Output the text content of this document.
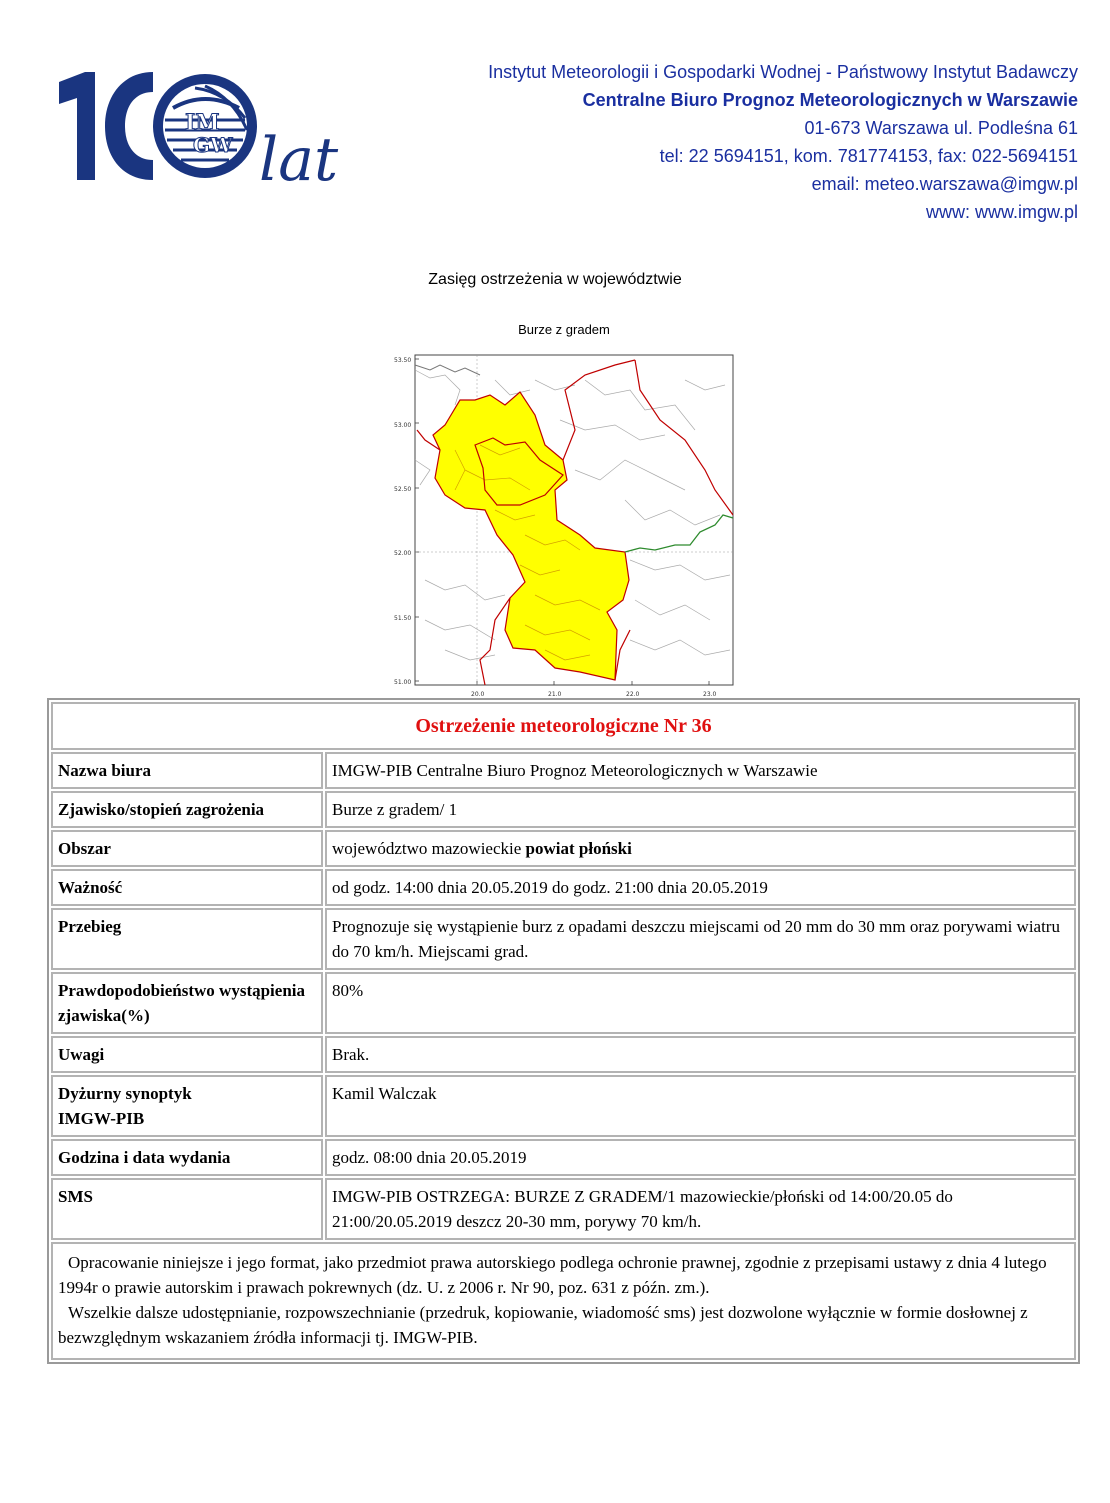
IM
GW lat
Instytut Meteorologii i Gospodarki Wodnej - Państwowy Instytut Badawczy
Centralne Biuro Prognoz Meteorologicznych w Warszawie
01-673 Warszawa ul. Podleśna 61
tel: 22 5694151, kom. 781774153, fax: 022-5694151
email: meteo.warszawa@imgw.pl
www: www.imgw.pl
Zasięg ostrzeżenia w województwie
Burze z gradem
53.50
53.00
52.50
52.00
51.50
51.00
20.0	21.0	22.0	23.0
Ostrzeżenie meteorologiczne Nr 36	
Nazwa biura	IMGW-PIB Centralne Biuro Prognoz Meteorologicznych w Warszawie
Zjawisko/stopień zagrożenia	Burze z gradem/ 1
Obszar	województwo mazowieckie powiat płoński
Ważność	od godz. 14:00 dnia 20.05.2019 do godz. 21:00 dnia 20.05.2019
Przebieg	Prognozuje się wystąpienie burz z opadami deszczu miejscami od 20 mm do 30 mm oraz porywami wiatru do 70 km/h. Miejscami grad.
Prawdopodobieństwo wystąpienia zjawiska(%)	80%
Uwagi	Brak.
Dyżurny synoptyk
IMGW-PIB	Kamil Walczak
Godzina i data wydania	godz. 08:00 dnia 20.05.2019
SMS	IMGW-PIB OSTRZEGA: BURZE Z GRADEM/1 mazowieckie/płoński od 14:00/20.05 do 21:00/20.05.2019 deszcz 20-30 mm, porywy 70 km/h.

Opracowanie niniejsze i jego format, jako przedmiot prawa autorskiego podlega ochronie prawnej, zgodnie z przepisami ustawy z dnia 4 lutego 1994r o prawie autorskim i prawach pokrewnych (dz. U. z 2006 r. Nr 90, poz. 631 z późn. zm.).

Wszelkie dalsze udostępnianie, rozpowszechnianie (przedruk, kopiowanie, wiadomość sms) jest dozwolone wyłącznie w formie dosłownej z bezwzględnym wskazaniem źródła informacji tj. IMGW-PIB.	
